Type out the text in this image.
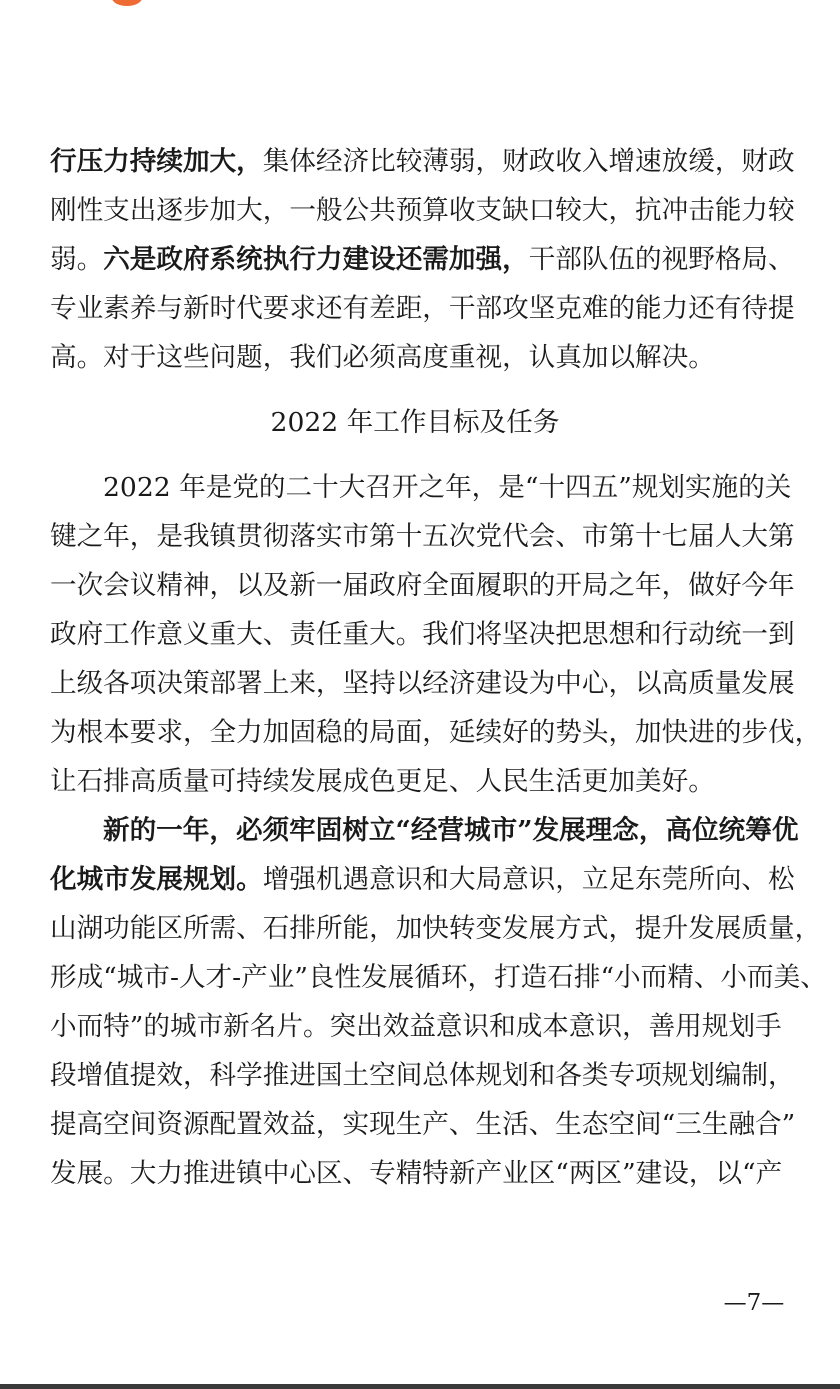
行压力持续加大，集体经济比较薄弱，财政收入增速放缓，财政
刚性支出逐步加大，一般公共预算收支缺口较大，抗冲击能力较
弱。六是政府系统执行力建设还需加强，干部队伍的视野格局、
专业素养与新时代要求还有差距，干部攻坚克难的能力还有待提
高。对于这些问题，我们必须高度重视，认真加以解决。
2022 年工作目标及任务
2022 年是党的二十大召开之年，是“十四五”规划实施的关
键之年，是我镇贯彻落实市第十五次党代会、市第十七届人大第
一次会议精神，以及新一届政府全面履职的开局之年，做好今年
政府工作意义重大、责任重大。我们将坚决把思想和行动统一到
上级各项决策部署上来，坚持以经济建设为中心，以高质量发展
为根本要求，全力加固稳的局面，延续好的势头，加快进的步伐，
让石排高质量可持续发展成色更足、人民生活更加美好。
新的一年，必须牢固树立“经营城市”发展理念，高位统筹优
化城市发展规划。增强机遇意识和大局意识，立足东莞所向、松
山湖功能区所需、石排所能，加快转变发展方式，提升发展质量，
形成“城市-人才-产业”良性发展循环，打造石排“小而精、小而美、
小而特”的城市新名片。突出效益意识和成本意识，善用规划手
段增值提效，科学推进国土空间总体规划和各类专项规划编制，
提高空间资源配置效益，实现生产、生活、生态空间“三生融合”
发展。大力推进镇中心区、专精特新产业区“两区”建设，以“产
—7—
